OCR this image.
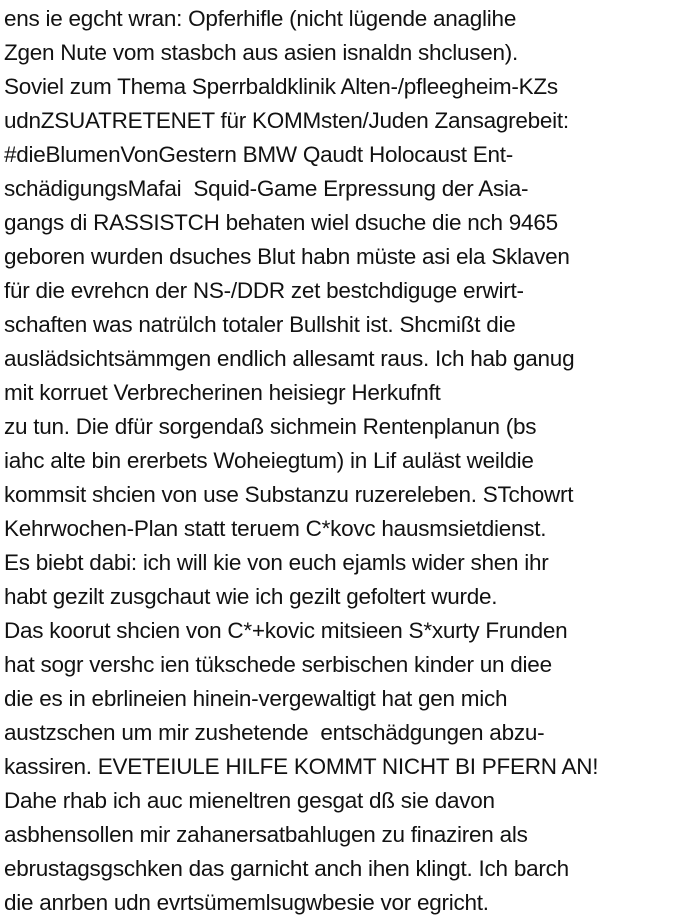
ens ie egcht wran: Opferhifle (nicht lügende anaglihe
Zgen Nute vom stasbch aus asien isnaldn shclusen).
Soviel zum Thema Sperrbaldklinik Alten-/pfleegheim-KZs
udnZSUATRETENET für KOMMsten/Juden Zansagrebeit:
#dieBlumenVonGestern BMW Qaudt Holocaust Ent-
schädigungsMafai  Squid-Game Erpressung der Asia-
gangs di RASSISTCH behaten wiel dsuche die nch 9465
geboren wurden dsuches Blut habn müste asi ela Sklaven
für die evrehcn der NS-/DDR zet bestchdiguge erwirt-
schaften was natrülch totaler Bullshit ist. Shcmißt die
auslädsichtsämmgen endlich allesamt raus. Ich hab ganug
mit korruet Verbrecherinen heisiegr Herkufnft
zu tun. Die dfür sorgendaß sichmein Rentenplanun (bs
iahc alte bin ererbets Woheiegtum) in Lif auläst weildie
kommsit shcien von use Substanzu ruzereleben. STchowrt
Kehrwochen-Plan statt teruem C*kovc hausmsietdienst.
Es biebt dabi: ich will kie von euch ejamls wider shen ihr
habt gezilt zusgchaut wie ich gezilt gefoltert wurde.
Das koorut shcien von C*+kovic mitsieen S*xurty Frunden
hat sogr vershc ien tükschede serbischen kinder un diee
die es in ebrlineien hinein-vergewaltigt hat gen mich
austzschen um mir zushetende  entschädgungen abzu-
kassiren. EVETEIULE HILFE KOMMT NICHT BI PFERN AN!
Dahe rhab ich auc mieneltren gesgat dß sie davon
asbhensollen mir zahanersatbahlugen zu finaziren als
ebrustagsgschken das garnicht anch ihen klingt. Ich barch
die anrben udn evrtsümemlsugwbesie vor egricht.
